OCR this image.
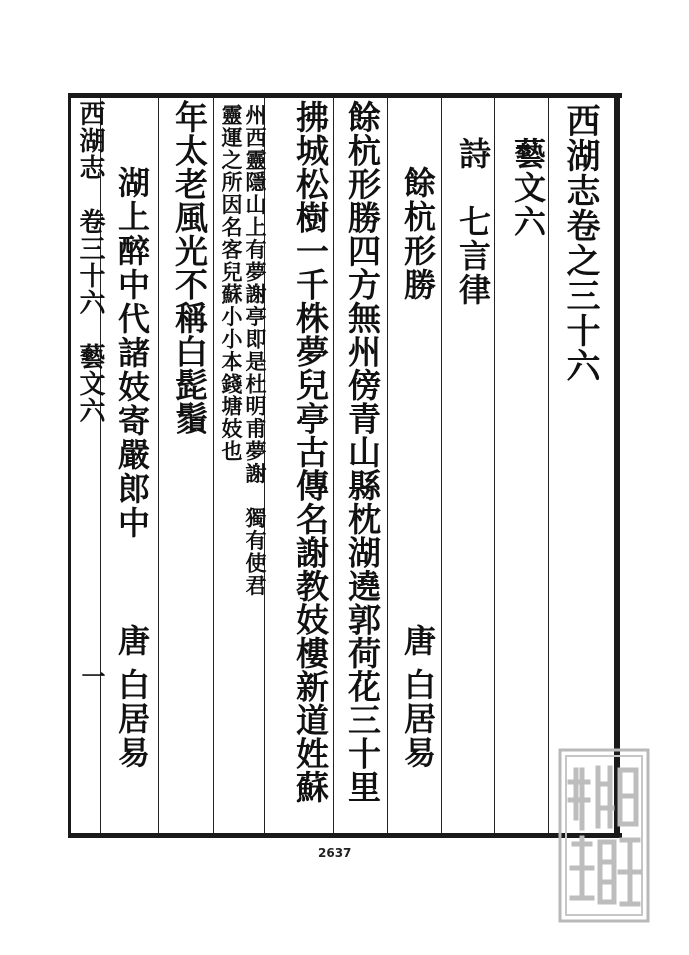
西湖志卷之三十六
藝文六
詩　七言律
餘杭形勝
唐
白居易
餘杭形勝四方無州傍青山縣枕湖遶郭荷花三十里
拂城松樹一千株夢兒亭古傳名謝教妓樓新道姓蘇
州西靈隱山上有夢謝亭即是杜明甫夢謝　獨有使君
靈運之所因名客兒蘇小小本錢塘妓也
年太老風光不稱白髭鬚
湖上醉中代諸妓寄嚴郎中
唐
白居易
西湖志　卷三十六　藝文六
一
2637
